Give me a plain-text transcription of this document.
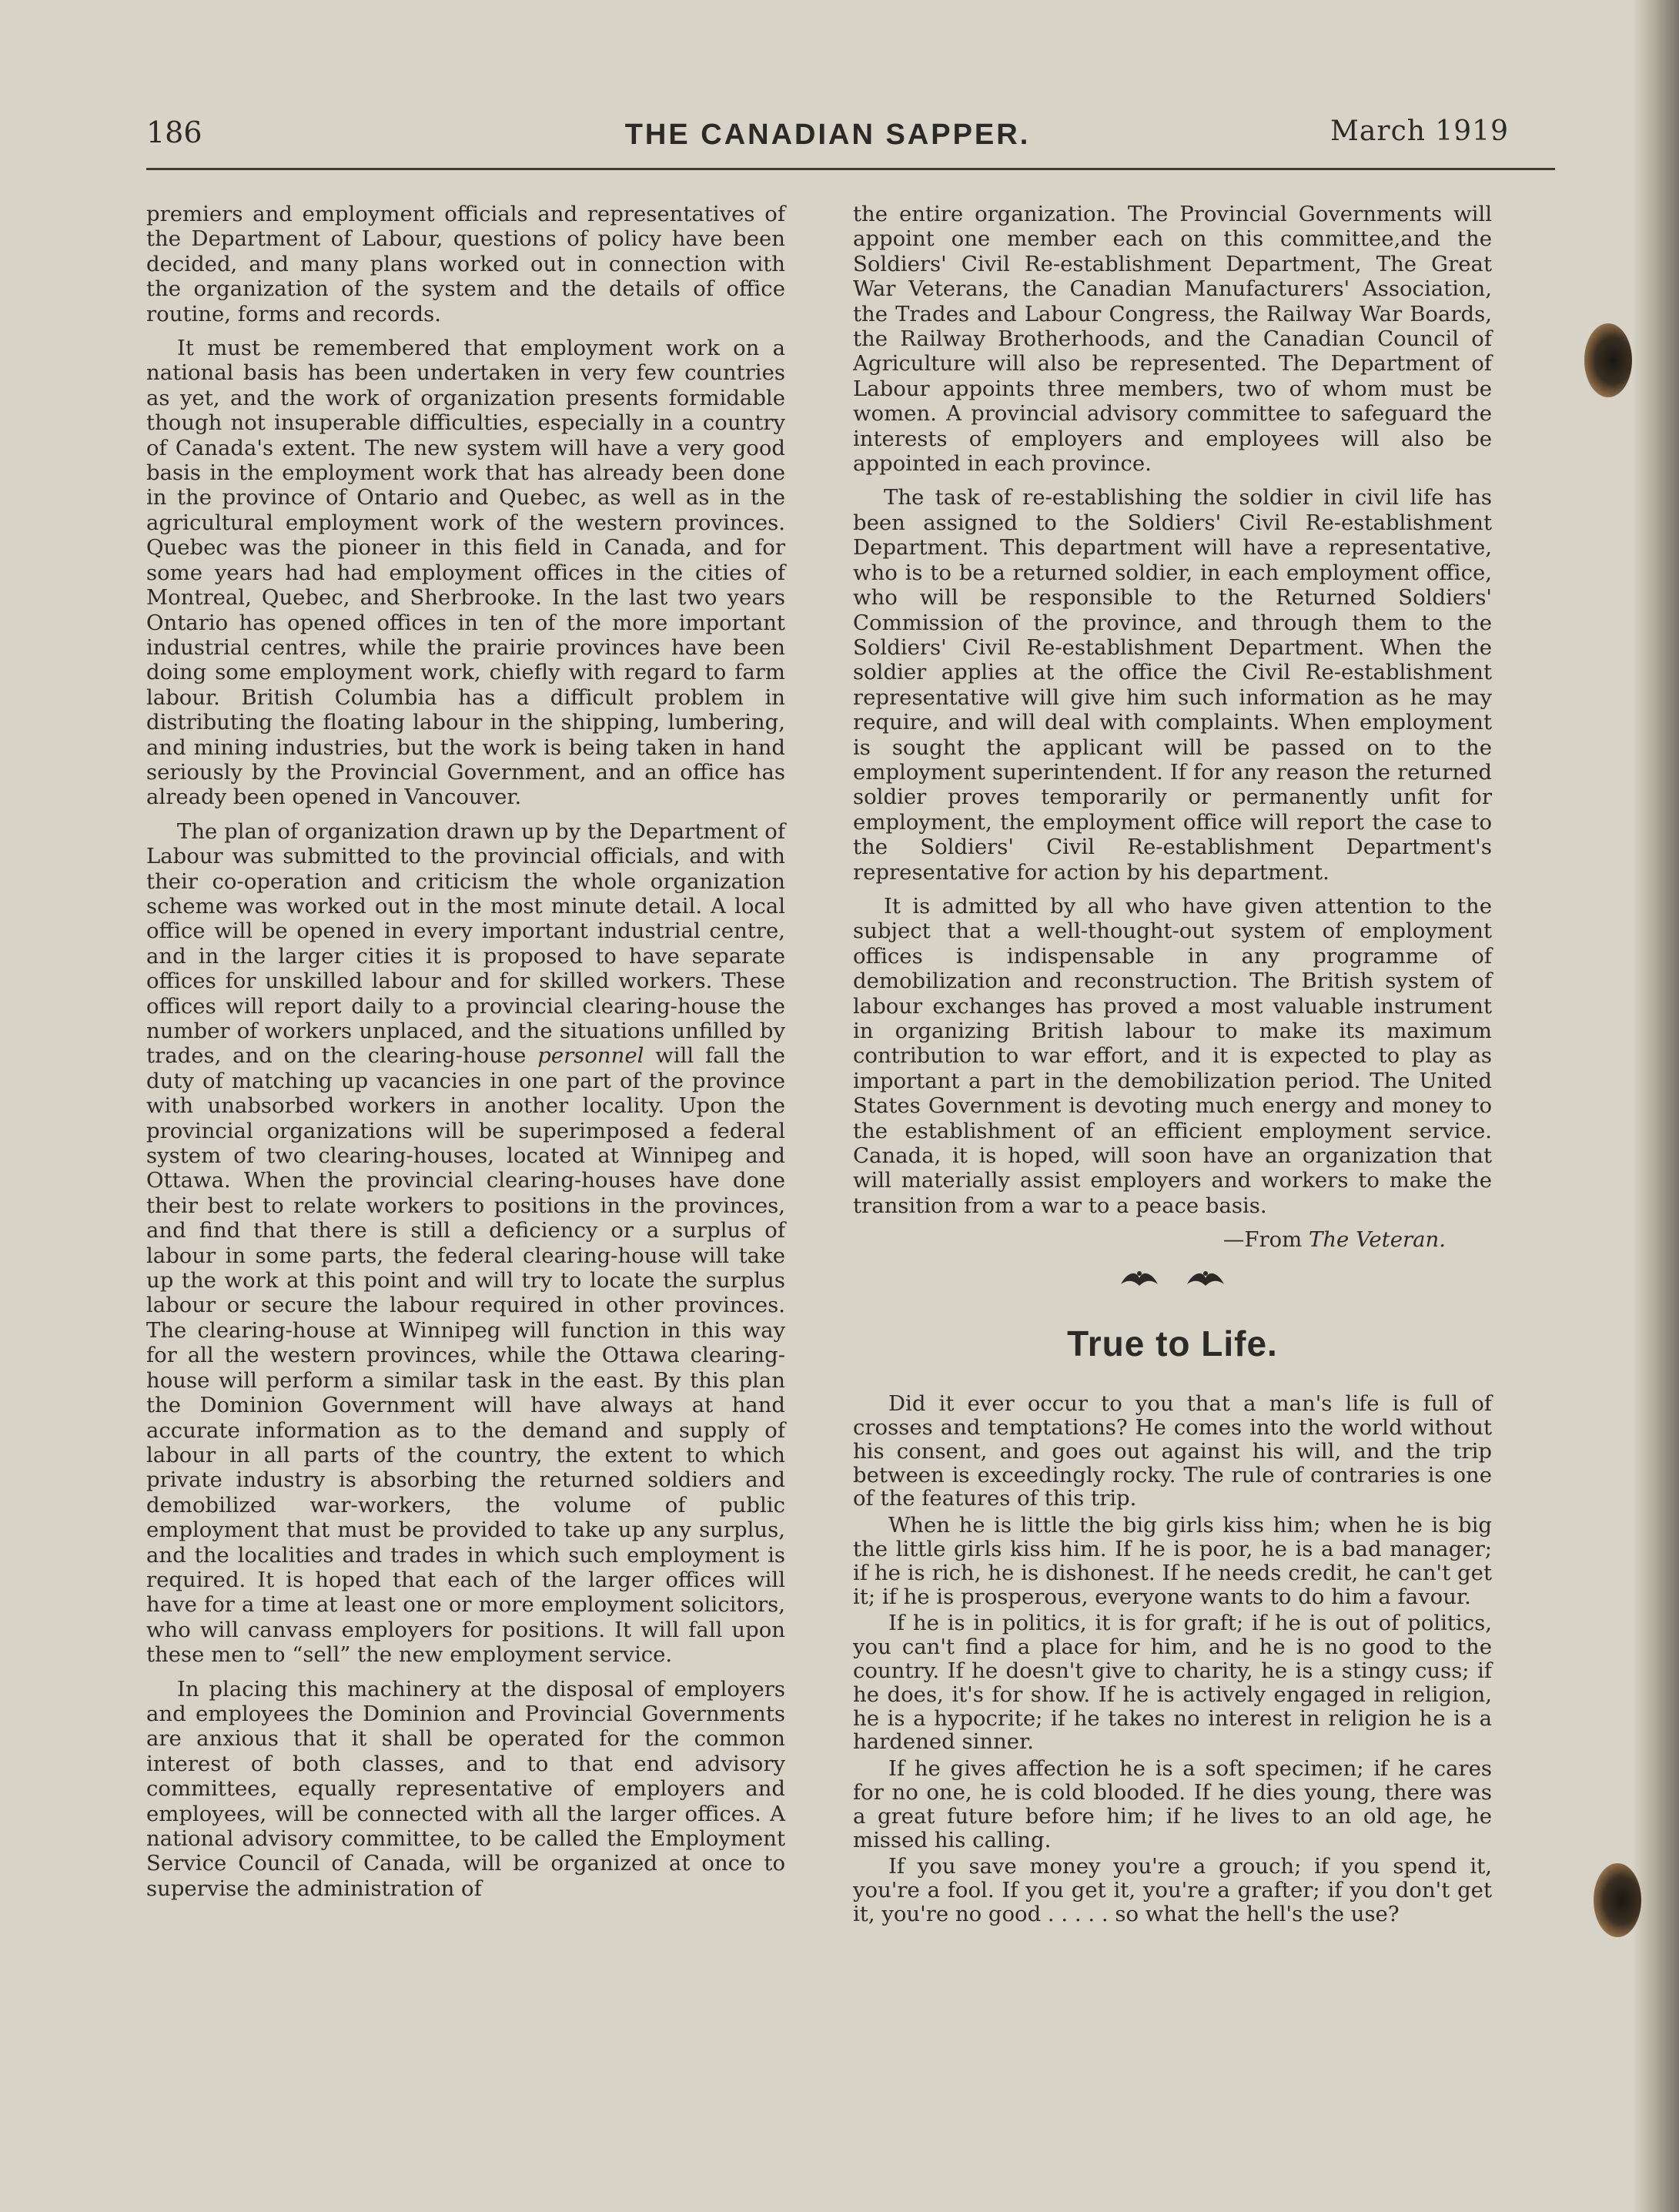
186	THE CANADIAN SAPPER.	March 1919

premiers and employment officials and representatives of the Department of Labour, questions of policy have been decided, and many plans worked out in connection with the organization of the system and the details of office routine, forms and records.

It must be remembered that employment work on a national basis has been undertaken in very few countries as yet, and the work of organization presents formidable though not insuperable difficulties, especially in a country of Canada's extent. The new system will have a very good basis in the employment work that has already been done in the province of Ontario and Quebec, as well as in the agricultural employment work of the western provinces. Quebec was the pioneer in this field in Canada, and for some years had had employment offices in the cities of Montreal, Quebec, and Sherbrooke. In the last two years Ontario has opened offices in ten of the more important industrial centres, while the prairie provinces have been doing some employment work, chiefly with regard to farm labour. British Columbia has a difficult problem in distributing the floating labour in the shipping, lumbering, and mining industries, but the work is being taken in hand seriously by the Provincial Government, and an office has already been opened in Vancouver.

The plan of organization drawn up by the Department of Labour was submitted to the provincial officials, and with their co-operation and criticism the whole organization scheme was worked out in the most minute detail. A local office will be opened in every important industrial centre, and in the larger cities it is proposed to have separate offices for unskilled labour and for skilled workers. These offices will report daily to a provincial clearing-house the number of workers unplaced, and the situations unfilled by trades, and on the clearing-house personnel will fall the duty of matching up vacancies in one part of the province with unabsorbed workers in another locality. Upon the provincial organizations will be superimposed a federal system of two clearing-houses, located at Winnipeg and Ottawa. When the provincial clearing-houses have done their best to relate workers to positions in the provinces, and find that there is still a deficiency or a surplus of labour in some parts, the federal clearing-house will take up the work at this point and will try to locate the surplus labour or secure the labour required in other provinces. The clearing-house at Winnipeg will function in this way for all the western provinces, while the Ottawa clearing-house will perform a similar task in the east. By this plan the Dominion Government will have always at hand accurate information as to the demand and supply of labour in all parts of the country, the extent to which private industry is absorbing the returned soldiers and demobilized war-workers, the volume of public employment that must be provided to take up any surplus, and the localities and trades in which such employment is required. It is hoped that each of the larger offices will have for a time at least one or more employment solicitors, who will canvass employers for positions. It will fall upon these men to “sell” the new employment service.

In placing this machinery at the disposal of employers and employees the Dominion and Provincial Governments are anxious that it shall be operated for the common interest of both classes, and to that end advisory committees, equally representative of employers and employees, will be connected with all the larger offices. A national advisory committee, to be called the Employment Service Council of Canada, will be organized at once to supervise the administration of

the entire organization. The Provincial Governments will appoint one member each on this committee,and the Soldiers' Civil Re-establishment Department, The Great War Veterans, the Canadian Manufacturers' Association, the Trades and Labour Congress, the Railway War Boards, the Railway Brotherhoods, and the Canadian Council of Agriculture will also be represented. The Department of Labour appoints three members, two of whom must be women. A provincial advisory committee to safeguard the interests of employers and employees will also be appointed in each province.

The task of re-establishing the soldier in civil life has been assigned to the Soldiers' Civil Re-establishment Department. This department will have a representative, who is to be a returned soldier, in each employment office, who will be responsible to the Returned Soldiers' Commission of the province, and through them to the Soldiers' Civil Re-establishment Department. When the soldier applies at the office the Civil Re-establishment representative will give him such information as he may require, and will deal with complaints. When employment is sought the applicant will be passed on to the employment superintendent. If for any reason the returned soldier proves temporarily or permanently unfit for employment, the employment office will report the case to the Soldiers' Civil Re-establishment Department's representative for action by his department.

It is admitted by all who have given attention to the subject that a well-thought-out system of employment offices is indispensable in any programme of demobilization and reconstruction. The British system of labour exchanges has proved a most valuable instrument in organizing British labour to make its maximum contribution to war effort, and it is expected to play as important a part in the demobilization period. The United States Government is devoting much energy and money to the establishment of an efficient employment service. Canada, it is hoped, will soon have an organization that will materially assist employers and workers to make the transition from a war to a peace basis.

—From The Veteran.

True to Life.

Did it ever occur to you that a man's life is full of crosses and temptations? He comes into the world without his consent, and goes out against his will, and the trip between is exceedingly rocky. The rule of contraries is one of the features of this trip.

When he is little the big girls kiss him; when he is big the little girls kiss him. If he is poor, he is a bad manager; if he is rich, he is dishonest. If he needs credit, he can't get it; if he is prosperous, everyone wants to do him a favour.

If he is in politics, it is for graft; if he is out of politics, you can't find a place for him, and he is no good to the country. If he doesn't give to charity, he is a stingy cuss; if he does, it's for show. If he is actively engaged in religion, he is a hypocrite; if he takes no interest in religion he is a hardened sinner.

If he gives affection he is a soft specimen; if he cares for no one, he is cold blooded. If he dies young, there was a great future before him; if he lives to an old age, he missed his calling.

If you save money you're a grouch; if you spend it, you're a fool. If you get it, you're a grafter; if you don't get it, you're no good . . . . . so what the hell's the use?
